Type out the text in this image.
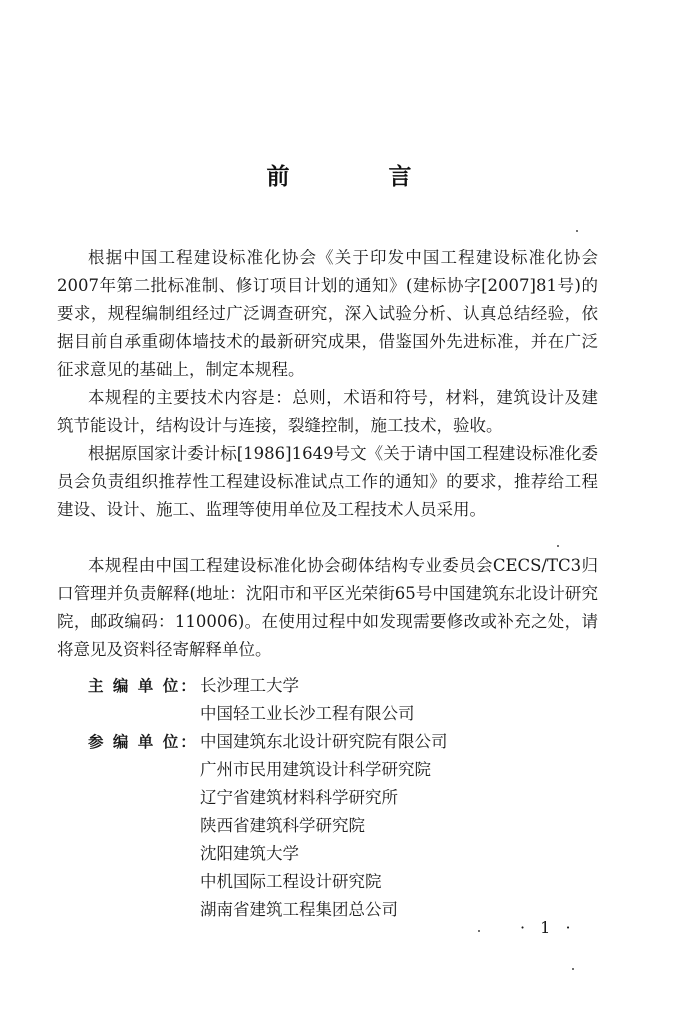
前　言

根据中国工程建设标准化协会《关于印发中国工程建设标准化协会2007年第二批标准制、修订项目计划的通知》(建标协字[2007]81号)的要求，规程编制组经过广泛调查研究，深入试验分析、认真总结经验，依据目前自承重砌体墙技术的最新研究成果，借鉴国外先进标准，并在广泛征求意见的基础上，制定本规程。

本规程的主要技术内容是：总则，术语和符号，材料，建筑设计及建筑节能设计，结构设计与连接，裂缝控制，施工技术，验收。

根据原国家计委计标[1986]1649号文《关于请中国工程建设标准化委员会负责组织推荐性工程建设标准试点工作的通知》的要求，推荐给工程建设、设计、施工、监理等使用单位及工程技术人员采用。

本规程由中国工程建设标准化协会砌体结构专业委员会CECS/TC3归口管理并负责解释(地址：沈阳市和平区光荣街65号中国建筑东北设计研究院，邮政编码：110006)。在使用过程中如发现需要修改或补充之处，请将意见及资料径寄解释单位。

主 编 单 位： 长沙理工大学
中国轻工业长沙工程有限公司
参 编 单 位： 中国建筑东北设计研究院有限公司
广州市民用建筑设计科学研究院
辽宁省建筑材料科学研究所
陕西省建筑科学研究院
沈阳建筑大学
中机国际工程设计研究院
湖南省建筑工程集团总公司
· 1 ·
